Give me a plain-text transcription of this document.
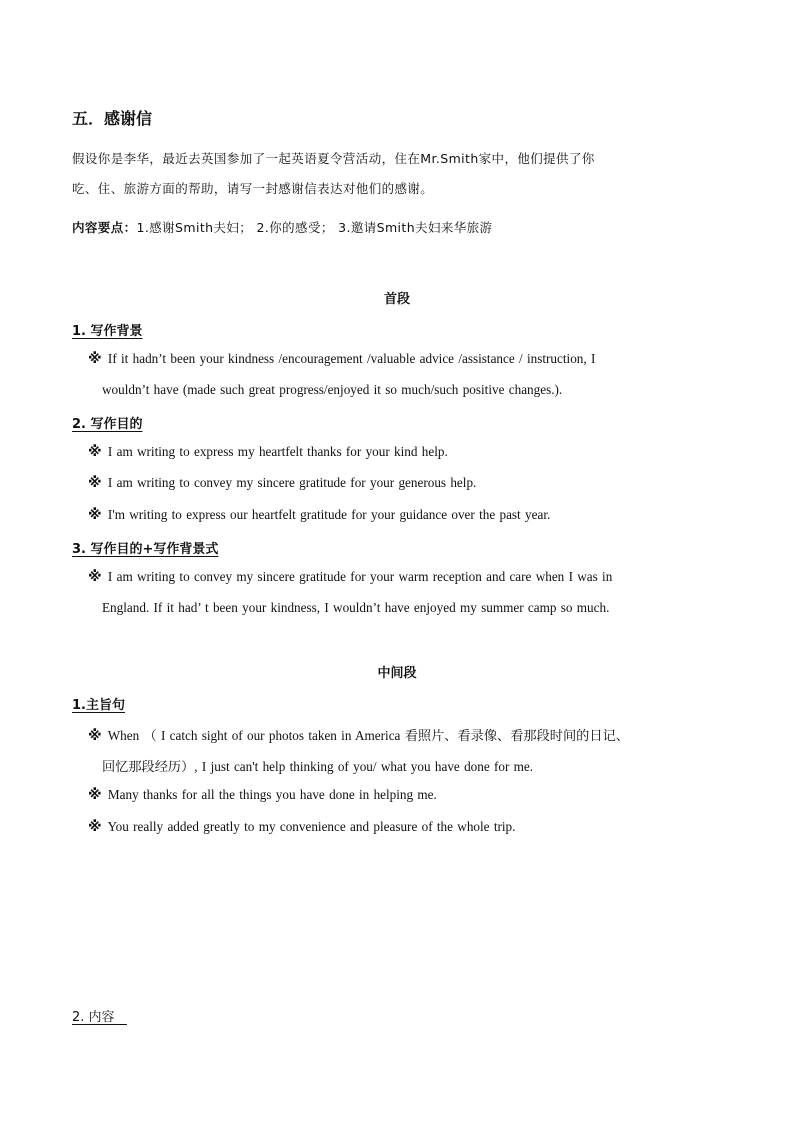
五．感谢信
假设你是李华，最近去英国参加了一起英语夏令营活动，住在Mr.Smith家中，他们提供了你
吃、住、旅游方面的帮助，请写一封感谢信表达对他们的感谢。
内容要点：1.感谢Smith夫妇； 2.你的感受； 3.邀请Smith夫妇来华旅游
首段
1. 写作背景
※ If it hadn’t been your kindness /encouragement /valuable advice /assistance / instruction, I
wouldn’t have (made such great progress/enjoyed it so much/such positive changes.).
2. 写作目的
※ I am writing to express my heartfelt thanks for your kind help.
※ I am writing to convey my sincere gratitude for your generous help.
※ I'm writing to express our heartfelt gratitude for your guidance over the past year.
3. 写作目的+写作背景式
※ I am writing to convey my sincere gratitude for your warm reception and care when I was in
England. If it had’ t been your kindness, I wouldn’t have enjoyed my summer camp so much.
中间段
1.主旨句
※ When （ I catch sight of our photos taken in America 看照片、看录像、看那段时间的日记、
回忆那段经历）, I just can't help thinking of you/ what you have done for me.
※ Many thanks for all the things you have done in helping me.
※ You really added greatly to my convenience and pleasure of the whole trip.
2. 内容
